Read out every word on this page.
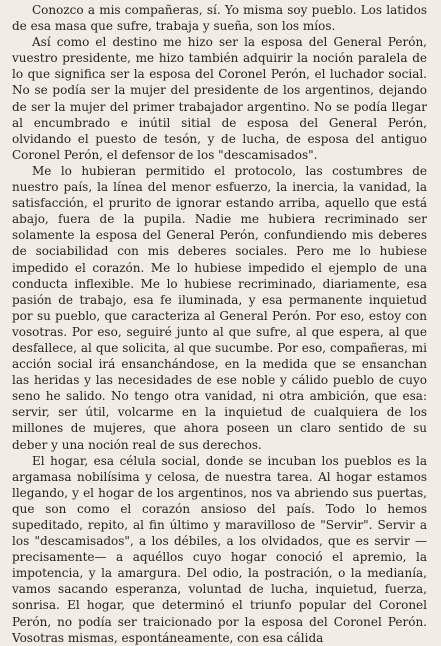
Conozco a mis compañeras, sí. Yo misma soy pueblo. Los latidos de esa masa que sufre, trabaja y sueña, son los míos.

Así como el destino me hizo ser la esposa del General Perón, vuestro presidente, me hizo también adquirir la noción paralela de lo que significa ser la esposa del Coronel Perón, el luchador social. No se podía ser la mujer del presidente de los argentinos, dejando de ser la mujer del primer trabajador argentino. No se podía llegar al encumbrado e inútil sitial de esposa del General Perón, olvidando el puesto de tesón, y de lucha, de esposa del antiguo Coronel Perón, el defensor de los "descamisados".

Me lo hubieran permitido el protocolo, las costumbres de nuestro país, la línea del menor esfuerzo, la inercia, la vanidad, la satisfacción, el prurito de ignorar estando arriba, aquello que está abajo, fuera de la pupila. Nadie me hubiera recriminado ser solamente la esposa del General Perón, confundiendo mis deberes de sociabilidad con mis deberes sociales. Pero me lo hubiese impedido el corazón. Me lo hubiese impedido el ejemplo de una conducta inflexible. Me lo hubiese recriminado, diariamente, esa pasión de trabajo, esa fe iluminada, y esa permanente inquietud por su pueblo, que caracteriza al General Perón. Por eso, estoy con vosotras. Por eso, seguiré junto al que sufre, al que espera, al que desfallece, al que solicita, al que sucumbe. Por eso, compañeras, mi acción social irá ensanchándose, en la medida que se ensanchan las heridas y las necesidades de ese noble y cálido pueblo de cuyo seno he salido. No tengo otra vanidad, ni otra ambición, que esa: servir, ser útil, volcarme en la inquietud de cualquiera de los millones de mujeres, que ahora poseen un claro sentido de su deber y una noción real de sus derechos.

El hogar, esa célula social, donde se incuban los pueblos es la argamasa nobilísima y celosa, de nuestra tarea. Al hogar estamos llegando, y el hogar de los argentinos, nos va abriendo sus puertas, que son como el corazón ansioso del país. Todo lo hemos supeditado, repito, al fin último y maravilloso de "Servir". Servir a los "descamisados", a los débiles, a los olvidados, que es servir —precisamente— a aquéllos cuyo hogar conoció el apremio, la impotencia, y la amargura. Del odio, la postración, o la medianía, vamos sacando esperanza, voluntad de lucha, inquietud, fuerza, sonrisa. El hogar, que determinó el triunfo popular del Coronel Perón, no podía ser traicionado por la esposa del Coronel Perón. Vosotras mismas, espontáneamente, con esa cálida
